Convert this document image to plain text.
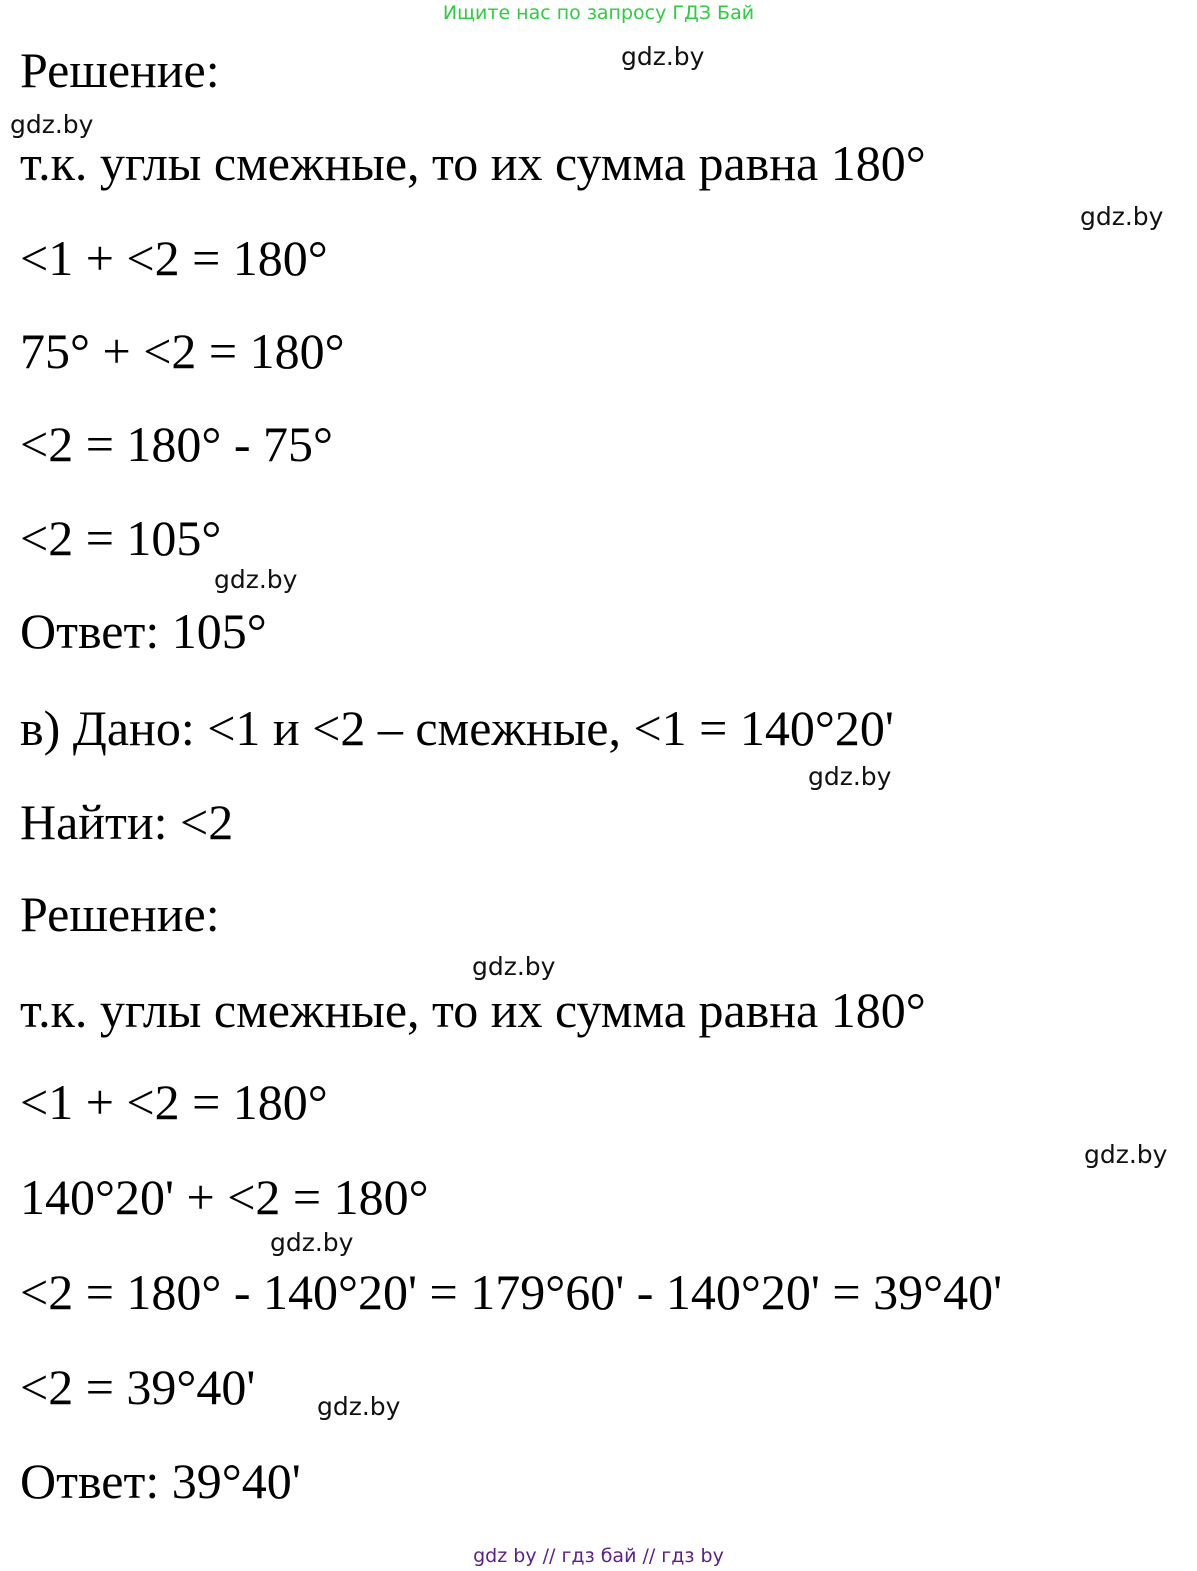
Ищите нас по запросу ГДЗ Бай
Решение:
т.к. углы смежные, то их сумма равна 180°
<1 + <2 = 180°
75° + <2 = 180°
<2 = 180° - 75°
<2 = 105°
Ответ: 105°
в) Дано: <1 и <2 – смежные, <1 = 140°20'
Найти: <2
Решение:
т.к. углы смежные, то их сумма равна 180°
<1 + <2 = 180°
140°20' + <2 = 180°
<2 = 180° - 140°20' = 179°60' - 140°20' = 39°40'
<2 = 39°40'
Ответ: 39°40'
gdz.by
gdz.by
gdz.by
gdz.by
gdz.by
gdz.by
gdz.by
gdz.by
gdz.by
gdz by // гдз бай // гдз by
